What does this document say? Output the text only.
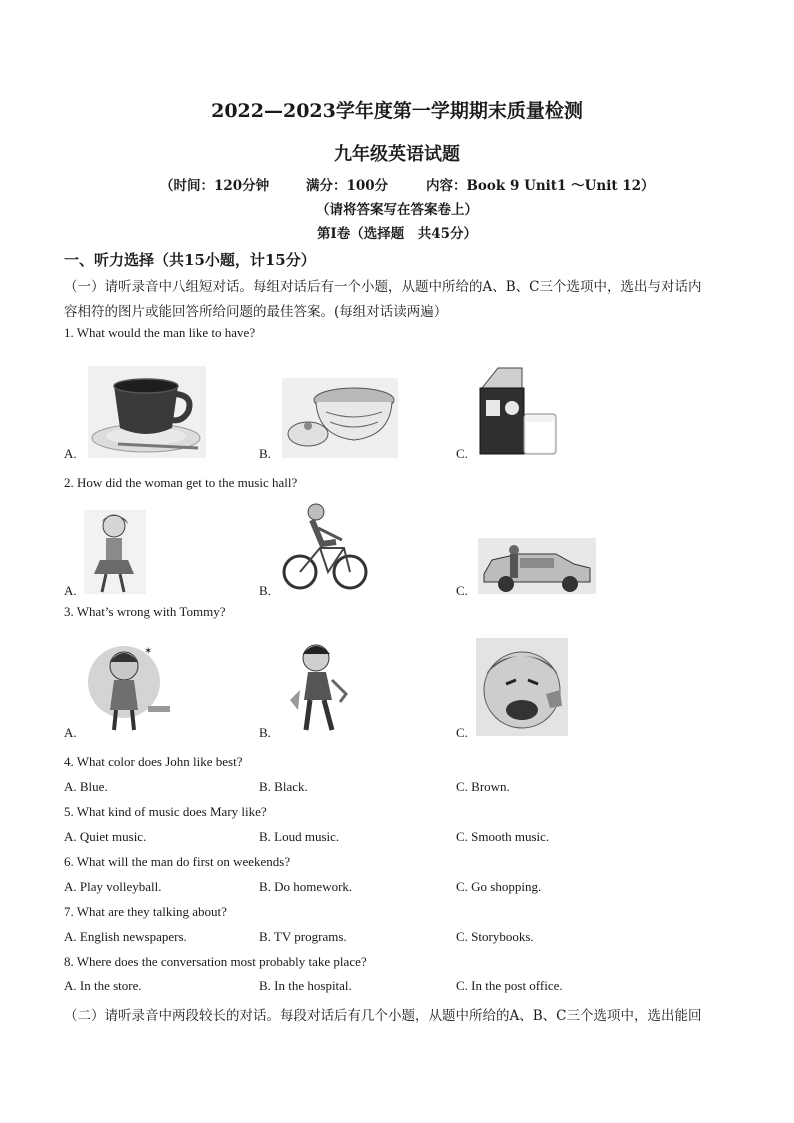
2022—2023学年度第一学期期末质量检测
九年级英语试题
（时间：120分钟	满分：100分	内容：Book 9 Unit1 ～Unit 12）
（请将答案写在答案卷上）
第Ⅰ卷（选择题　共45分）
一、听力选择（共15小题，计15分）
（一）请听录音中八组短对话。每组对话后有一个小题，从题中所给的A、B、C三个选项中，选出与对话内
容相符的图片或能回答所给问题的最佳答案。(每组对话读两遍）
1. What would the man like to have?
A.	B.	C.
2. How did the woman get to the music hall?
A.	B.	C.
3. What’s wrong with Tommy?
✶
A.	B.	C.
4. What color does John like best?
A. Blue.	B. Black.	C. Brown.
5. What kind of music does Mary like?
A. Quiet music.	B. Loud music.	C. Smooth music.
6. What will the man do first on weekends?
A. Play volleyball.	B. Do homework.	C. Go shopping.
7. What are they talking about?
A. English newspapers.	B. TV programs.	C. Storybooks.
8. Where does the conversation most probably take place?
A. In the store.	B. In the hospital.	C. In the post office.
（二）请听录音中两段较长的对话。每段对话后有几个小题，从题中所给的A、B、C三个选项中，选出能回
